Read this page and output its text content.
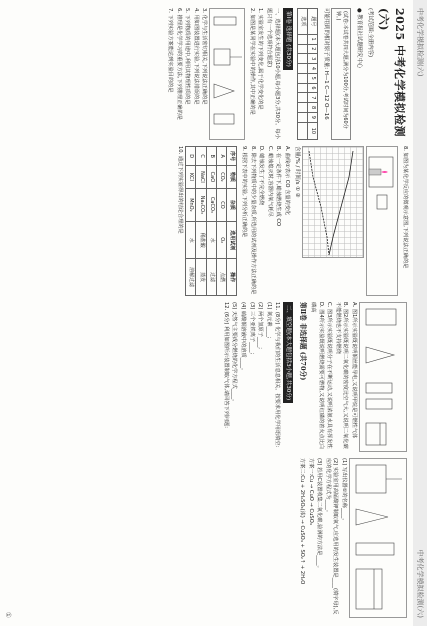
中考化学模拟检测(六)
中考化学模拟检测(六)
2025 中考化学模拟检测(六)
(考试范围:全册内容)
● 教育报社试题研究中心
(试卷:本试卷共四大题,满分为100分,考试时间为60分钟。)
可能用到的相对原子质量: H—1 C—12 O—16
题号	1	2	3	4	5	6	7	8	9	10
选项										
第Ⅰ卷 选择题 (共30分)
一、选择题(本大题包括10小题,每小题3分,共30分。每小题只有一个选项符合题意)
1. 实验室发生的下列变化,属于化学变化的是
2. 如图是某同学在实验中的操作,其中正确的是
3. 化学与生活密切相关,下列说法正确的是
4. 用如图装置进行实验,下列说法错误的是
5. 下列物质的用途中,利用其物理性质的是
6. 推理是化学学习的重要方法,下列推理正确的是
7. 下列实验方案能达到实验目的的是
8. 如图为某化学反应的微观示意图,下列说法正确的是
含量/% / 时间/s ① ②
A. 曲线①表示 CO 含量的变化
B. 在一定条件下,蜡烛燃烧生成 CO
C. 蜡烛熄灭时,容器内氧气耗尽
D. 蜡烛发生了不完全燃烧
8. 除去下列物质中的少量杂质,所选用的试剂及操作方法正确的是
9. 根据下表中的实验,下列分析正确的是
序号	物质	杂质	选用试剂	操作
A	CO₂	CO	O₂	点燃
B	CaO	CaCO₃	水	过滤
C	NaCl	Na₂CO₃	稀盐酸	蒸发
D	KCl	MnO₂	水	溶解过滤
10. 通过下列实验得出的结论合理的是
A. 图1所示实验既说明铜丝能导电,又说明甲烷是可燃性气体
B. 图2所示实验既说明二氧化碳的密度比空气大,又说明二氧化碳不能燃烧也不支持燃烧
C. 图3所示实验既说明分子在不断运动,又说明浓氨水具有挥发性
D. 图4所示实验既说明燃烧需要可燃物,又说明红磷的着火点比白磷高
第Ⅱ卷 非选择题 (共70分)
二、填空题(本大题包括3小题,共30分)
11. (8分) 化学与我们的生活息息相关。按要求用化学用语填空:
(1) 氮元素____;
(2) 两个氢原子____;
(3) 三个亚铁离子____;
(4) 硫酸铜溶液中的溶质____。
(5) 天然气主要成分燃烧的化学方程式____。
12. (6分) 利用如图所示装置制取气体,请回答下列问题:
(1) 写出仪器①的名称____。
(2) 实验室用高锰酸钾制取氧气,应选用的发生装置是____(填字母),反应的化学方程式为____。
(3) 若用C装置收集二氧化碳,验满的方法是____。
方案一:Cu → CuO → CuSO₄
方案二:Cu + 2H₂SO₄(浓) → CuSO₄ + SO₂↑ + 2H₂O
①
